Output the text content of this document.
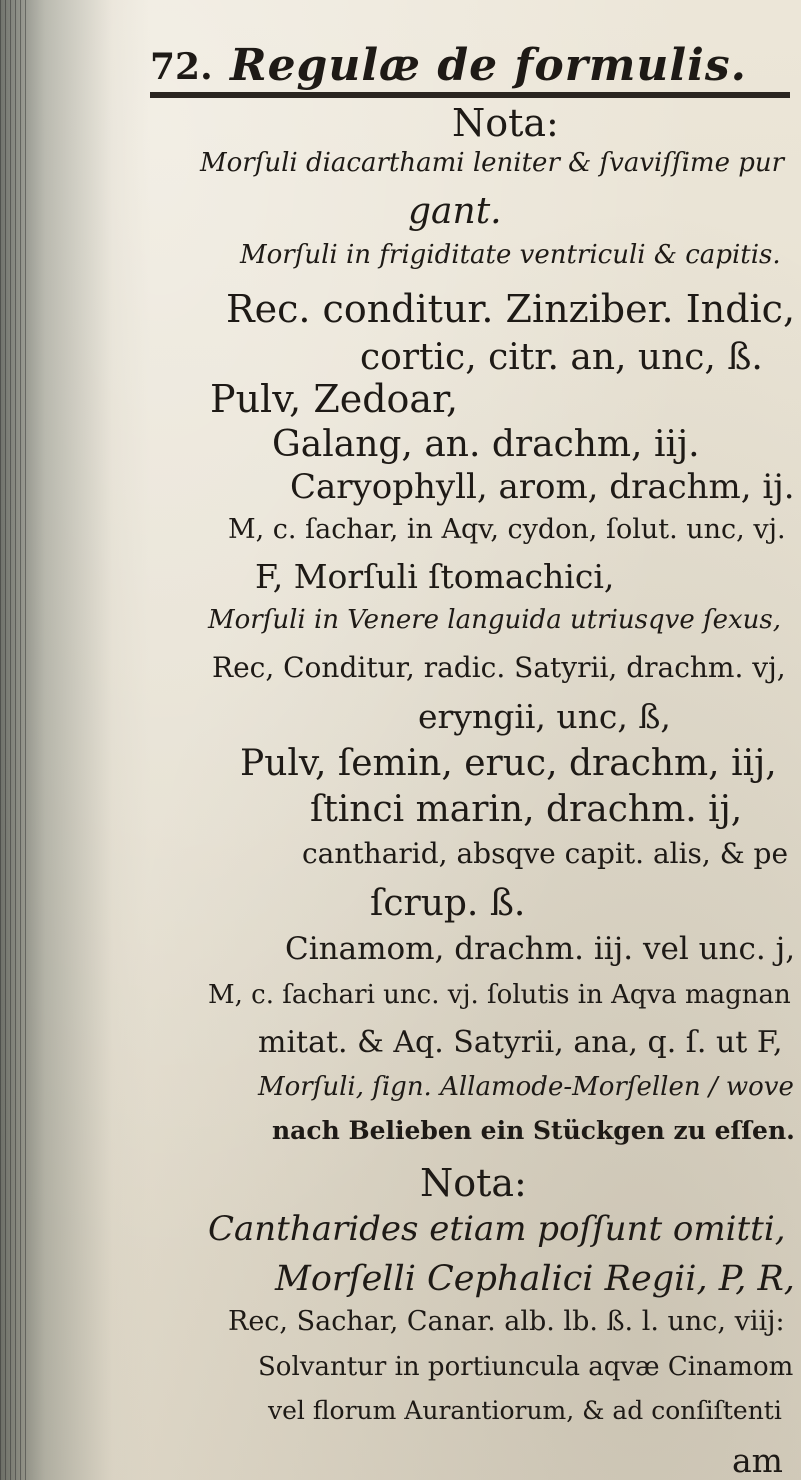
72. Regulæ de formulis.
Nota:
Morſuli diacarthami leniter & ſvaviſſime pur
gant.
Morſuli in frigiditate ventriculi & capitis.
Rec. conditur. Zinziber. Indic,
cortic, citr. an, unc, ß.
Pulv, Zedoar,
Galang, an. drachm, iij.
Caryophyll, arom, drachm, ij.
M, c. ſachar, in Aqv, cydon, ſolut. unc, vj.
F, Morſuli ſtomachici,
Morſuli in Venere languida utriusqve ſexus,
Rec, Conditur, radic. Satyrii, drachm. vj,
eryngii, unc, ß,
Pulv, ſemin, eruc, drachm, iij,
ſtinci marin, drachm. ij,
cantharid, absqve capit. alis, & pe
ſcrup. ß.
Cinamom, drachm. iij. vel unc. j,
M, c. ſachari unc. vj. ſolutis in Aqva magnan
mitat. & Aq. Satyrii, ana, q. ſ. ut F,
Morſuli, ſign. Allamode-Morſellen / wove
nach Belieben ein Stückgen zu eſſen.
Nota:
Cantharides etiam poſſunt omitti,
Morſelli Cephalici Regii, P, R,
Rec, Sachar, Canar. alb. lb. ß. l. unc, viij:
Solvantur in portiuncula aqvæ Cinamom
vel florum Aurantiorum, & ad conſiſtenti
am
